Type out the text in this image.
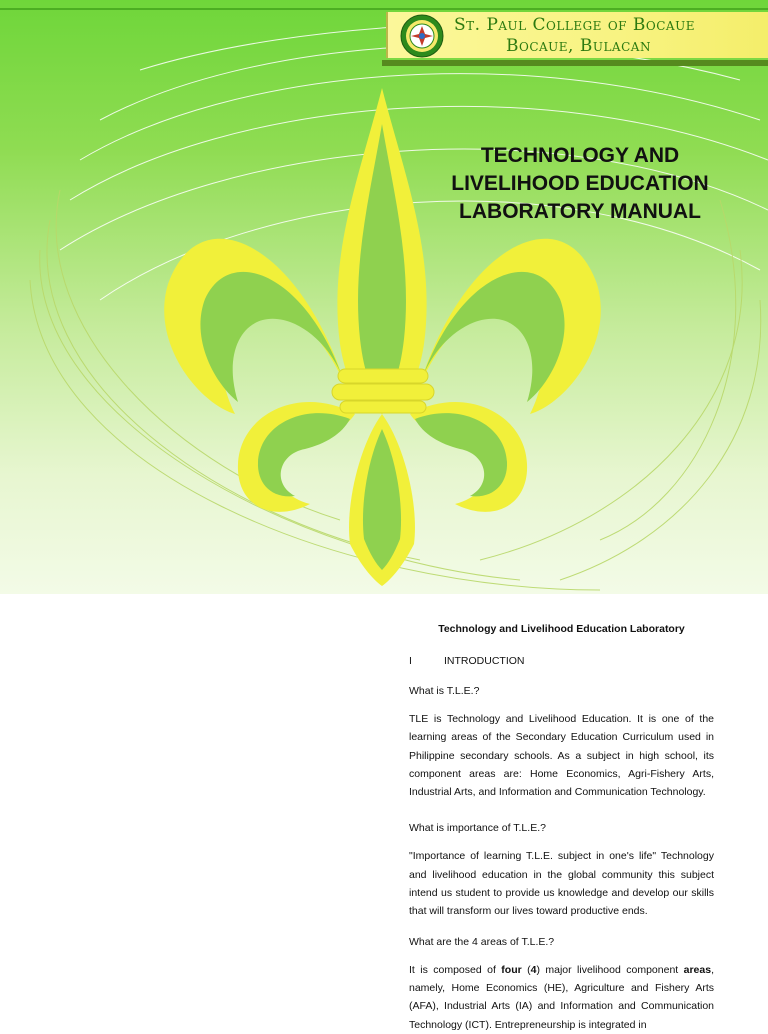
St. Paul College of Bocaue
Bocaue, Bulacan
TECHNOLOGY AND
LIVELIHOOD EDUCATION
LABORATORY MANUAL
Technology and Livelihood Education Laboratory
I	INTRODUCTION
What is T.L.E.?
TLE is Technology and Livelihood Education. It is one of the learning areas of the Secondary Education Curriculum used in Philippine secondary schools. As a subject in high school, its component areas are: Home Economics, Agri-Fishery Arts, Industrial Arts, and Information and Communication Technology.
What is importance of T.L.E.?
"Importance of learning T.L.E. subject in one's life" Technology and livelihood education in the global community this subject intend us student to provide us knowledge and develop our skills that will transform our lives toward productive ends.
What are the 4 areas of T.L.E.?
It is composed of four (4) major livelihood component areas, namely, Home Economics (HE), Agriculture and Fishery Arts (AFA), Industrial Arts (IA) and Information and Communication Technology (ICT). Entrepreneurship is integrated in
